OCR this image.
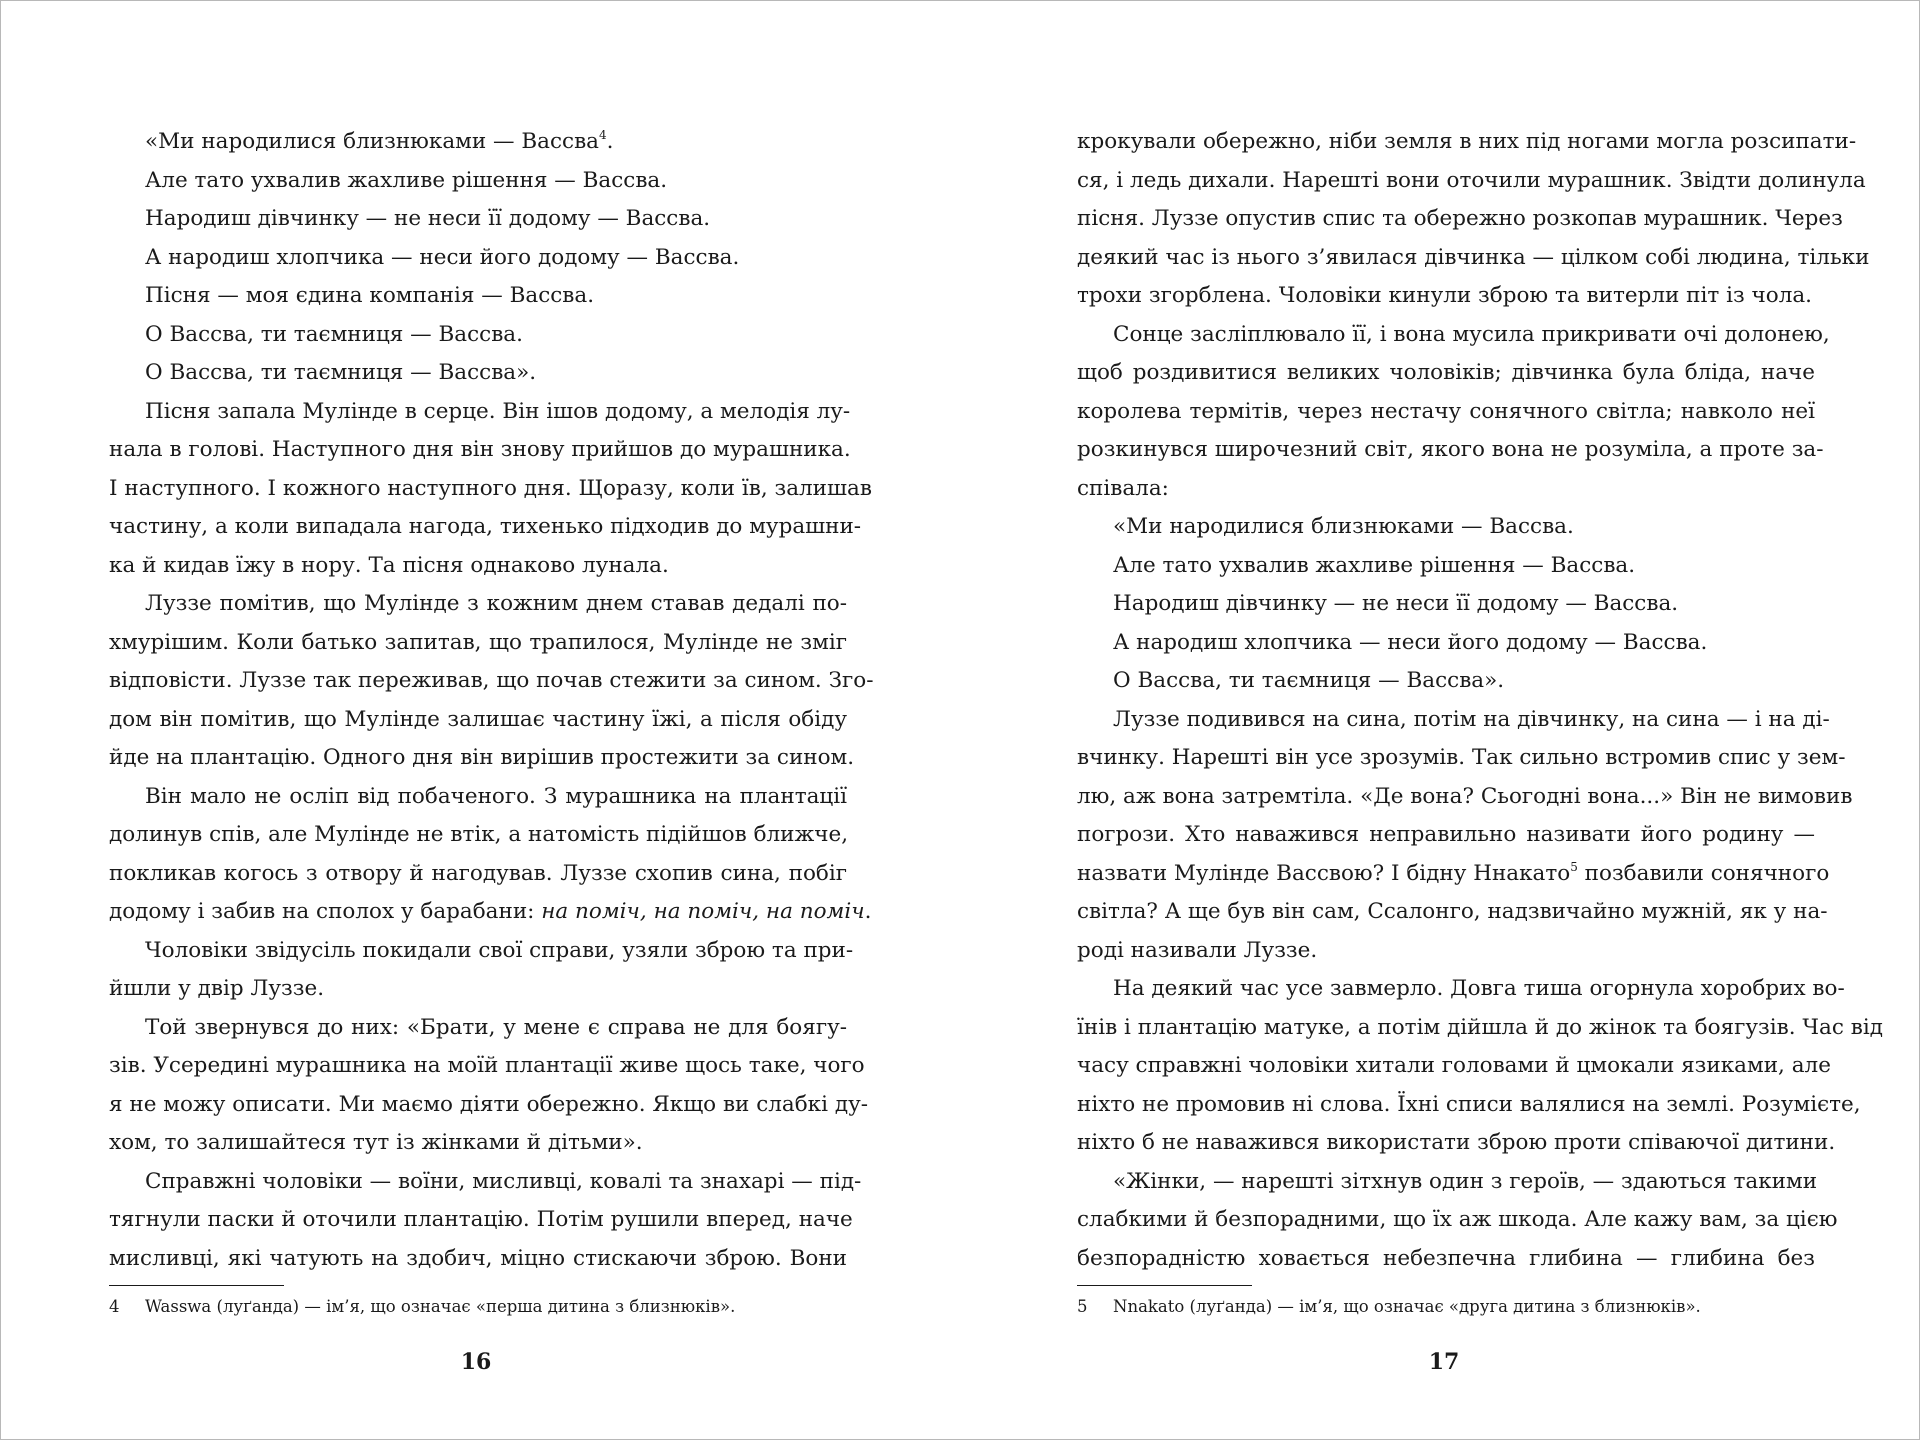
«Ми народилися близнюками — Вассва$^4$.
Але тато ухвалив жахливе рішення — Вассва.
Народиш дівчинку — не неси її додому — Вассва.
А народиш хлопчика — неси його додому — Вассва.
Пісня — моя єдина компанія — Вассва.
О Вассва, ти таємниця — Вассва.
О Вассва, ти таємниця — Вассва».
Пісня запала Мулінде в серце. Він ішов додому, а мелодія лу-
нала в голові. Наступного дня він знову прийшов до мурашника.
І наступного. І кожного наступного дня. Щоразу, коли їв, залишав
частину, а коли випадала нагода, тихенько підходив до мурашни-
ка й кидав їжу в нору. Та пісня однаково лунала.
Луззе помітив, що Мулінде з кожним днем ставав дедалі по-
хмурішим. Коли батько запитав, що трапилося, Мулінде не зміг
відповісти. Луззе так переживав, що почав стежити за сином. Зго-
дом він помітив, що Мулінде залишає частину їжі, а після обіду
йде на плантацію. Одного дня він вирішив простежити за сином.
Він мало не осліп від побаченого. З мурашника на плантації
долинув спів, але Мулінде не втік, а натомість підійшов ближче,
покликав когось з отвору й нагодував. Луззе схопив сина, побіг
додому і забив на сполох у барабани: на поміч, на поміч, на поміч.
Чоловіки звідусіль покидали свої справи, узяли зброю та при-
йшли у двір Луззе.
Той звернувся до них: «Брати, у мене є справа не для боягу-
зів. Усередині мурашника на моїй плантації живе щось таке, чого
я не можу описати. Ми маємо діяти обережно. Якщо ви слабкі ду-
хом, то залишайтеся тут із жінками й дітьми».
Справжні чоловіки — воїни, мисливці, ковалі та знахарі — під-
тягнули паски й оточили плантацію. Потім рушили вперед, наче
мисливці, які чатують на здобич, міцно стискаючи зброю. Вони
4 Wasswa (луґанда) — ім’я, що означає «перша дитина з близнюків».
16
крокували обережно, ніби земля в них під ногами могла розсипати-
ся, і ледь дихали. Нарешті вони оточили мурашник. Звідти долинула
пісня. Луззе опустив спис та обережно розкопав мурашник. Через
деякий час із нього з’явилася дівчинка — цілком собі людина, тільки
трохи згорблена. Чоловіки кинули зброю та витерли піт із чола.
Сонце засліплювало її, і вона мусила прикривати очі долонею,
щоб роздивитися великих чоловіків; дівчинка була бліда, наче
королева термітів, через нестачу сонячного світла; навколо неї
розкинувся широчезний світ, якого вона не розуміла, а проте за-
співала:
«Ми народилися близнюками — Вассва.
Але тато ухвалив жахливе рішення — Вассва.
Народиш дівчинку — не неси її додому — Вассва.
А народиш хлопчика — неси його додому — Вассва.
О Вассва, ти таємниця — Вассва».
Луззе подивився на сина, потім на дівчинку, на сина — і на ді-
вчинку. Нарешті він усе зрозумів. Так сильно встромив спис у зем-
лю, аж вона затремтіла. «Де вона? Сьогодні вона...» Він не вимовив
погрози. Хто наважився неправильно називати його родину —
назвати Мулінде Вассвою? І бідну Ннакато$^5$ позбавили сонячного
світла? А ще був він сам, Ссалонго, надзвичайно мужній, як у на-
роді називали Луззе.
На деякий час усе завмерло. Довга тиша огорнула хоробрих во-
їнів і плантацію матуке, а потім дійшла й до жінок та боягузів. Час від
часу справжні чоловіки хитали головами й цмокали язиками, але
ніхто не промовив ні слова. Їхні списи валялися на землі. Розумієте,
ніхто б не наважився використати зброю проти співаючої дитини.
«Жінки, — нарешті зітхнув один з героїв, — здаються такими
слабкими й безпорадними, що їх аж шкода. Але кажу вам, за цією
безпорадністю ховається небезпечна глибина — глибина без
5 Nnakato (луґанда) — ім’я, що означає «друга дитина з близнюків».
17
